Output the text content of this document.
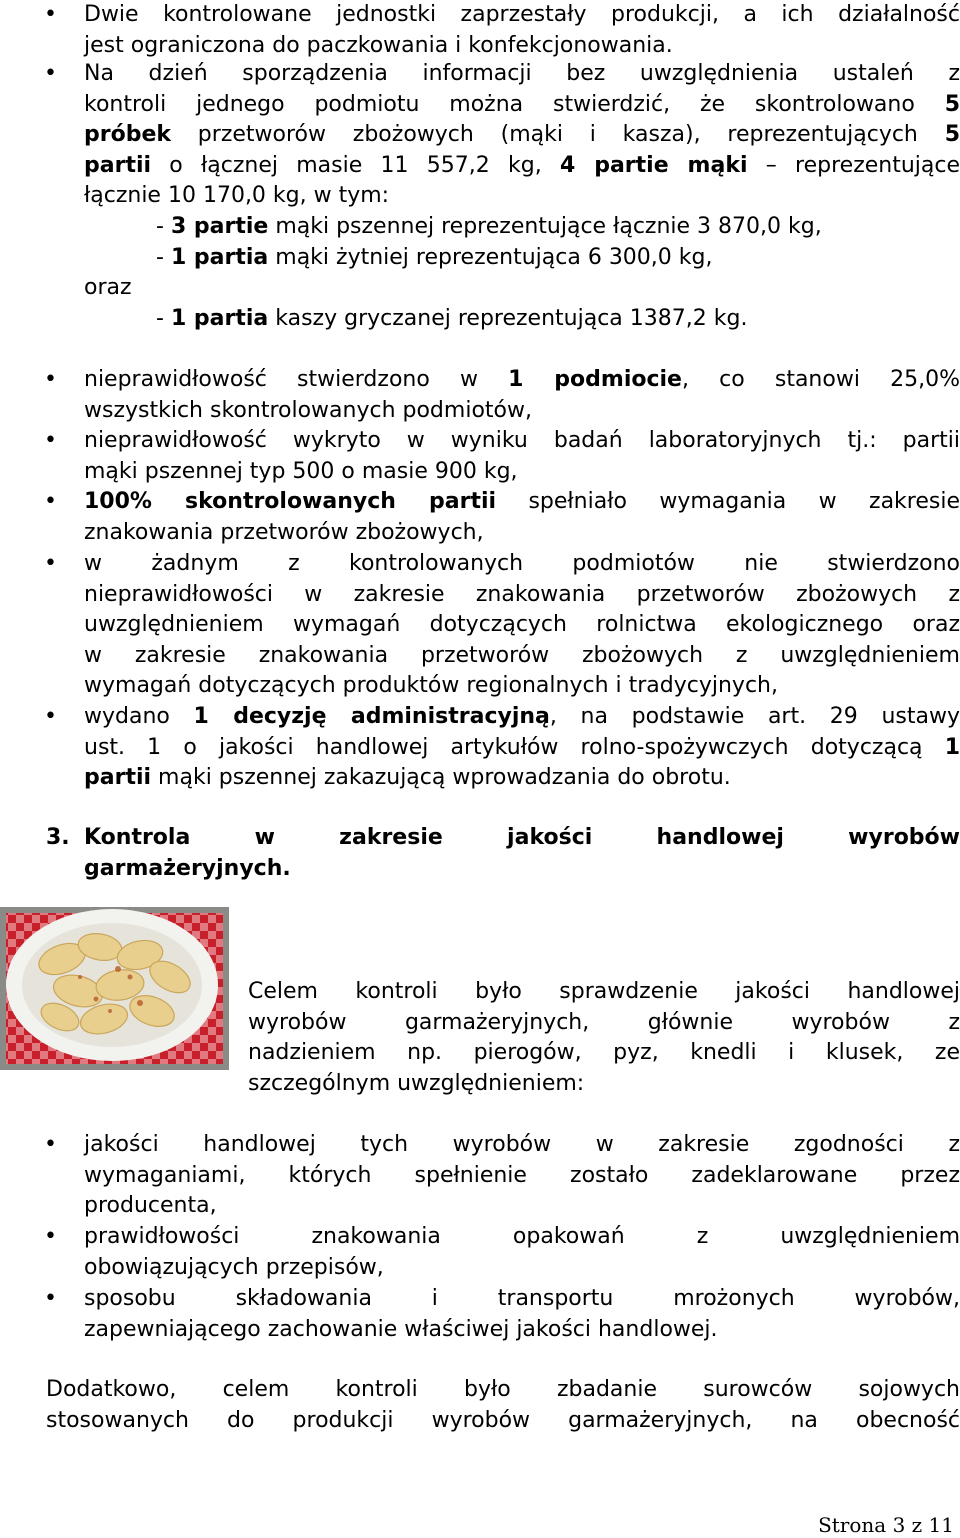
• Dwie kontrolowane jednostki zaprzestały produkcji, a ich działalność
jest ograniczona do paczkowania i konfekcjonowania.
• Na dzień sporządzenia informacji bez uwzględnienia ustaleń z
kontroli jednego podmiotu można stwierdzić, że skontrolowano 5
próbek przetworów zbożowych (mąki i kasza), reprezentujących 5
partii o łącznej masie 11 557,2 kg, 4 partie mąki – reprezentujące
łącznie 10 170,0 kg, w tym:
- 3 partie mąki pszennej reprezentujące łącznie 3 870,0 kg,
- 1 partia mąki żytniej reprezentująca 6 300,0 kg,
oraz
- 1 partia kaszy gryczanej reprezentująca 1387,2 kg.
• nieprawidłowość stwierdzono w 1 podmiocie, co stanowi 25,0%
wszystkich skontrolowanych podmiotów,
• nieprawidłowość wykryto w wyniku badań laboratoryjnych tj.: partii
mąki pszennej typ 500 o masie 900 kg,
• 100% skontrolowanych partii spełniało wymagania w zakresie
znakowania przetworów zbożowych,
• w żadnym z kontrolowanych podmiotów nie stwierdzono
nieprawidłowości w zakresie znakowania przetworów zbożowych z
uwzględnieniem wymagań dotyczących rolnictwa ekologicznego oraz
w zakresie znakowania przetworów zbożowych z uwzględnieniem
wymagań dotyczących produktów regionalnych i tradycyjnych,
• wydano 1 decyzję administracyjną, na podstawie art. 29 ustawy
ust. 1 o jakości handlowej artykułów rolno-spożywczych dotyczącą 1
partii mąki pszennej zakazującą wprowadzania do obrotu.
3. Kontrola w zakresie jakości handlowej wyrobów
garmażeryjnych.
Celem kontroli było sprawdzenie jakości handlowej
wyrobów garmażeryjnych, głównie wyrobów z
nadzieniem np. pierogów, pyz, knedli i klusek, ze
szczególnym uwzględnieniem:
• jakości handlowej tych wyrobów w zakresie zgodności z
wymaganiami, których spełnienie zostało zadeklarowane przez
producenta,
• prawidłowości znakowania opakowań z uwzględnieniem
obowiązujących przepisów,
• sposobu składowania i transportu mrożonych wyrobów,
zapewniającego zachowanie właściwej jakości handlowej.
Dodatkowo, celem kontroli było zbadanie surowców sojowych
stosowanych do produkcji wyrobów garmażeryjnych, na obecność
Strona 3 z 11
